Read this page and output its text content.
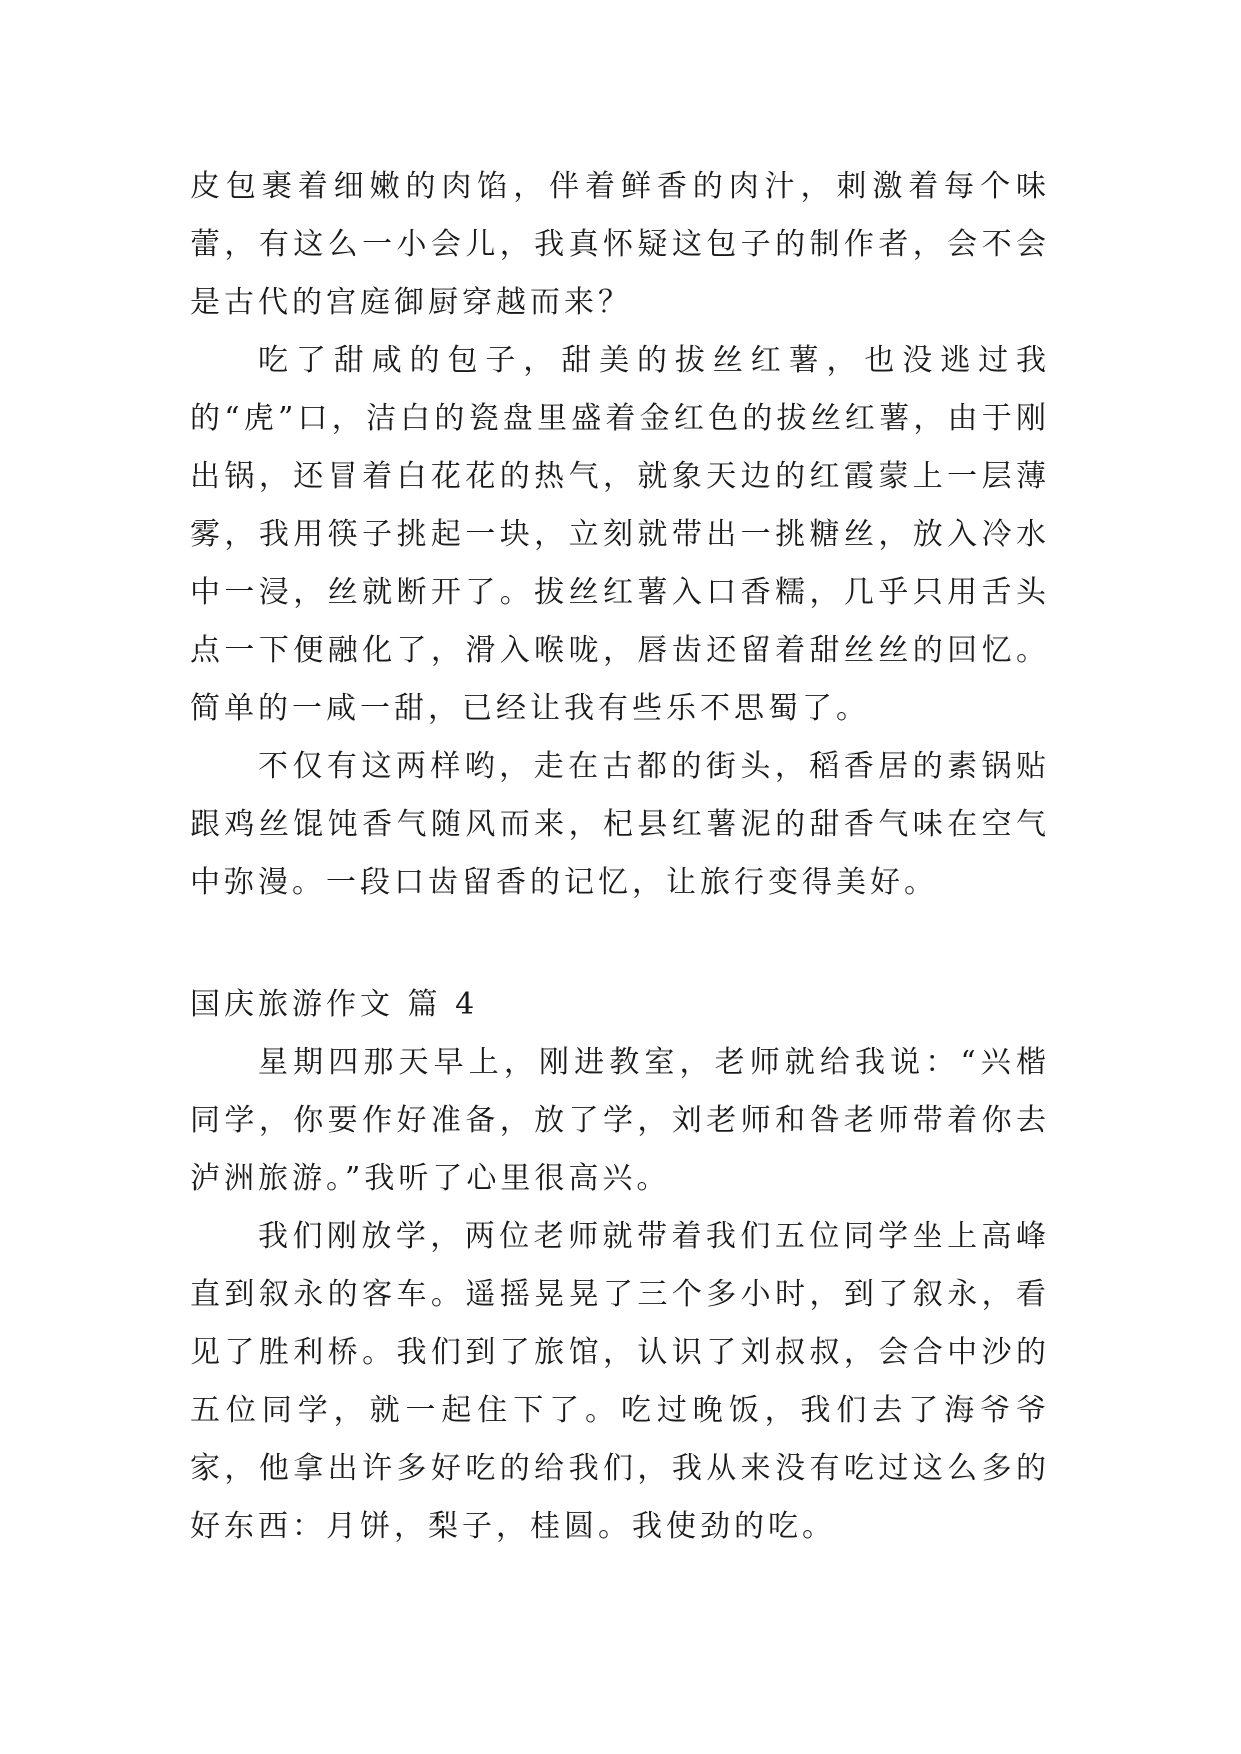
皮包裹着细嫩的肉馅，伴着鲜香的肉汁，刺激着每个味蕾，有这么一小会儿，我真怀疑这包子的制作者，会不会是古代的宫庭御厨穿越而来？

吃了甜咸的包子，甜美的拔丝红薯，也没逃过我的“虎”口，洁白的瓷盘里盛着金红色的拔丝红薯，由于刚出锅，还冒着白花花的热气，就象天边的红霞蒙上一层薄雾，我用筷子挑起一块，立刻就带出一挑糖丝，放入冷水中一浸，丝就断开了。拔丝红薯入口香糯，几乎只用舌头点一下便融化了，滑入喉咙，唇齿还留着甜丝丝的回忆。简单的一咸一甜，已经让我有些乐不思蜀了。

不仅有这两样哟，走在古都的街头，稻香居的素锅贴跟鸡丝馄饨香气随风而来，杞县红薯泥的甜香气味在空气中弥漫。一段口齿留香的记忆，让旅行变得美好。

国庆旅游作文 篇 4

星期四那天早上，刚进教室，老师就给我说：“兴楷同学，你要作好准备，放了学，刘老师和昝老师带着你去泸洲旅游。”我听了心里很高兴。

我们刚放学，两位老师就带着我们五位同学坐上高峰直到叙永的客车。遥摇晃晃了三个多小时，到了叙永，看见了胜利桥。我们到了旅馆，认识了刘叔叔，会合中沙的五位同学，就一起住下了。吃过晚饭，我们去了海爷爷家，他拿出许多好吃的给我们，我从来没有吃过这么多的好东西：月饼，梨子，桂圆。我使劲的吃。
